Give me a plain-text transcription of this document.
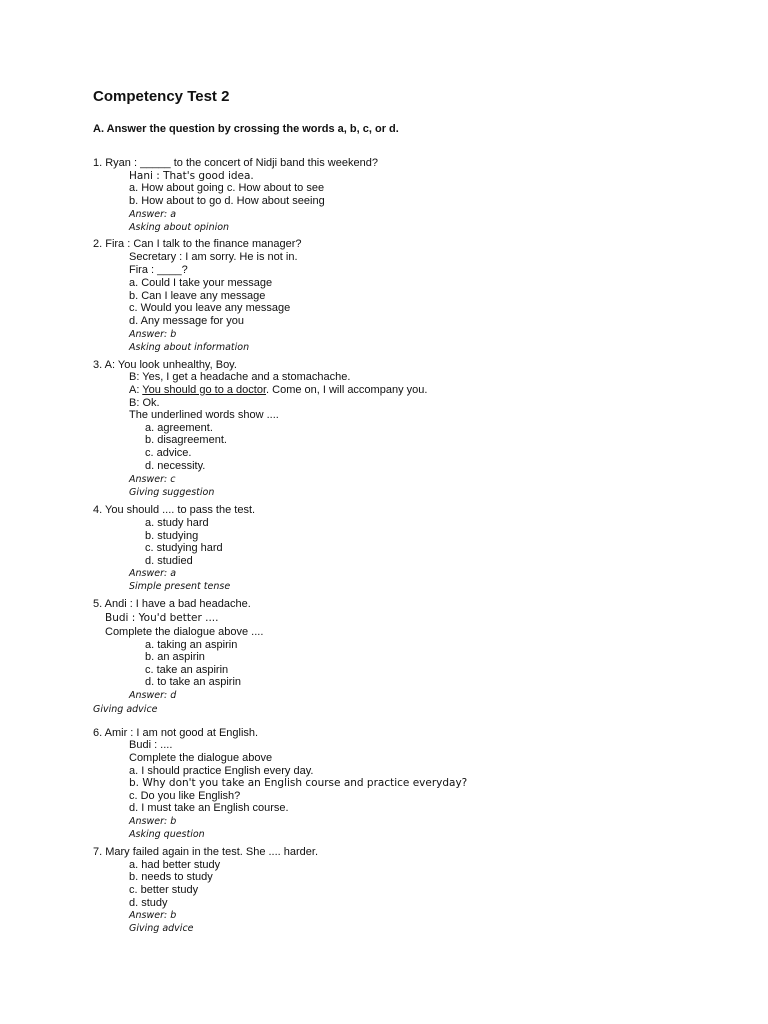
Competency Test 2

A. Answer the question by crossing the words a, b, c, or d.

1. Ryan : _____ to the concert of Nidji band this weekend?
Hani : That's good idea.
a. How about going c. How about to see
b. How about to go d. How about seeing
Answer: a
Asking about opinion
2. Fira : Can I talk to the finance manager?
Secretary : I am sorry. He is not in.
Fira : ____?
a. Could I take your message
b. Can I leave any message
c. Would you leave any message
d. Any message for you
Answer: b
Asking about information
3. A: You look unhealthy, Boy.
B: Yes, I get a headache and a stomachache.
A: You should go to a doctor. Come on, I will accompany you.
B: Ok.
The underlined words show ....
a. agreement.
b. disagreement.
c. advice.
d. necessity.
Answer: c
Giving suggestion
4. You should .... to pass the test.
a. study hard
b. studying
c. studying hard
d. studied
Answer: a
Simple present tense
5. Andi : I have a bad headache.
Budi : You'd better ....
Complete the dialogue above ....
a. taking an aspirin
b. an aspirin
c. take an aspirin
d. to take an aspirin
Answer: d
Giving advice
6. Amir : I am not good at English.
Budi : ....
Complete the dialogue above
a. I should practice English every day.
b. Why don't you take an English course and practice everyday?
c. Do you like English?
d. I must take an English course.
Answer: b
Asking question
7. Mary failed again in the test. She .... harder.
a. had better study
b. needs to study
c. better study
d. study
Answer: b
Giving advice
